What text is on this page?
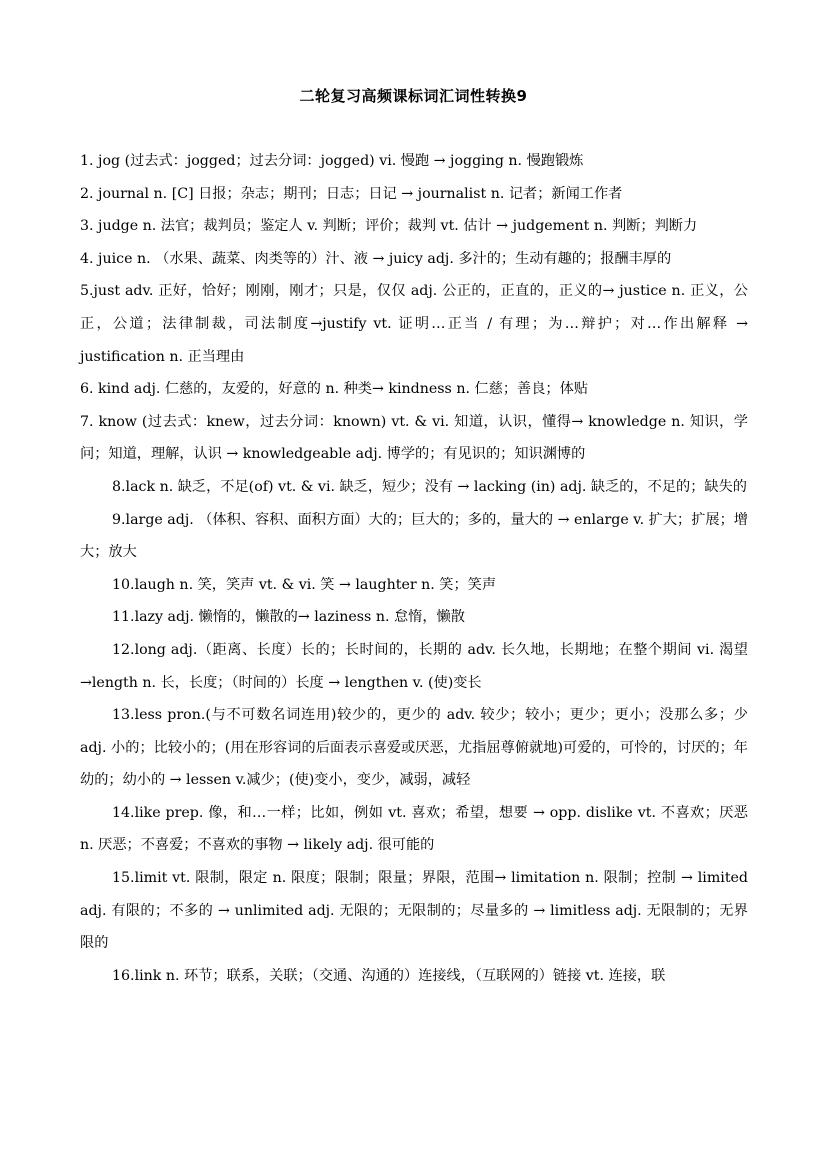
二轮复习高频课标词汇词性转换9

1. jog (过去式：jogged；过去分词：jogged) vi. 慢跑 → jogging n. 慢跑锻炼

2. journal n. [C] 日报；杂志；期刊；日志；日记 → journalist n. 记者；新闻工作者

3. judge n. 法官；裁判员；鉴定人 v. 判断；评价；裁判 vt. 估计 → judgement n. 判断；判断力

4. juice n. （水果、蔬菜、肉类等的）汁、液 → juicy adj. 多汁的；生动有趣的；报酬丰厚的

5.just adv. 正好，恰好；刚刚，刚才；只是，仅仅 adj. 公正的，正直的，正义的→ justice n. 正义，公正，公道；法律制裁，司法制度→justify vt. 证明…正当 / 有理；为…辩护；对…作出解释 → justification n. 正当理由

6. kind adj. 仁慈的，友爱的，好意的 n. 种类→ kindness n. 仁慈；善良；体贴

7. know (过去式：knew，过去分词：known) vt. & vi. 知道，认识，懂得→ knowledge n. 知识，学问；知道，理解，认识 → knowledgeable adj. 博学的；有见识的；知识渊博的

8.lack n. 缺乏，不足(of) vt. & vi. 缺乏，短少；没有 → lacking (in) adj. 缺乏的，不足的；缺失的

9.large adj. （体积、容积、面积方面）大的；巨大的；多的，量大的 → enlarge v. 扩大；扩展；增大；放大

10.laugh n. 笑，笑声 vt. & vi. 笑 → laughter n. 笑；笑声

11.lazy adj. 懒惰的，懒散的→ laziness n. 怠惰，懒散

12.long adj.（距离、长度）长的；长时间的，长期的 adv. 长久地，长期地；在整个期间 vi. 渴望 →length n. 长，长度；（时间的）长度 → lengthen v. (使)变长

13.less pron.(与不可数名词连用)较少的，更少的 adv. 较少；较小；更少；更小；没那么多；少 adj. 小的；比较小的；(用在形容词的后面表示喜爱或厌恶，尤指屈尊俯就地)可爱的，可怜的，讨厌的；年幼的；幼小的 → lessen v.减少；(使)变小，变少，减弱，减轻

14.like prep. 像，和…一样；比如，例如 vt. 喜欢；希望，想要 → opp. dislike vt. 不喜欢；厌恶 n. 厌恶；不喜爱；不喜欢的事物 → likely adj. 很可能的

15.limit vt. 限制，限定 n. 限度；限制；限量；界限，范围→ limitation n. 限制；控制 → limited adj. 有限的；不多的 → unlimited adj. 无限的；无限制的；尽量多的 → limitless adj. 无限制的；无界限的

16.link n. 环节；联系，关联；（交通、沟通的）连接线，（互联网的）链接 vt. 连接，联
